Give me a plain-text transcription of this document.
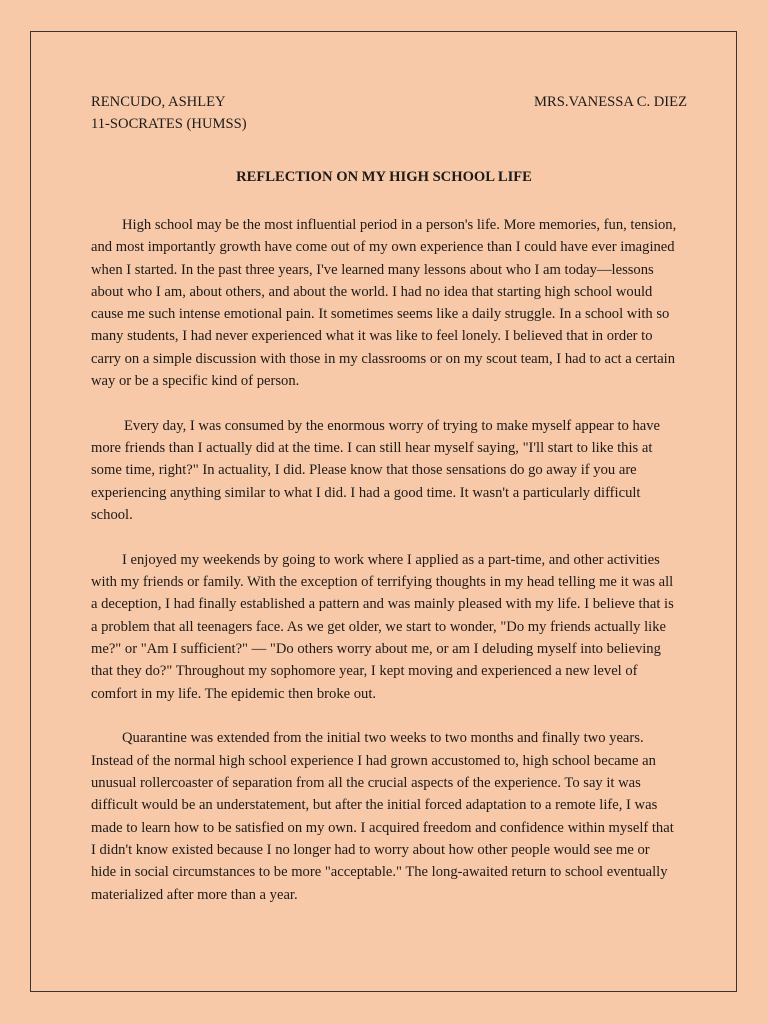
RENCUDO, ASHLEY
11-SOCRATES (HUMSS)
MRS.VANESSA C. DIEZ
REFLECTION ON MY HIGH SCHOOL LIFE

High school may be the most influential period in a person's life. More memories, fun, tension, and most importantly growth have come out of my own experience than I could have ever imagined when I started. In the past three years, I've learned many lessons about who I am today—lessons about who I am, about others, and about the world. I had no idea that starting high school would cause me such intense emotional pain. It sometimes seems like a daily struggle. In a school with so many students, I had never experienced what it was like to feel lonely. I believed that in order to carry on a simple discussion with those in my classrooms or on my scout team, I had to act a certain way or be a specific kind of person.

Every day, I was consumed by the enormous worry of trying to make myself appear to have more friends than I actually did at the time. I can still hear myself saying, "I'll start to like this at some time, right?" In actuality, I did. Please know that those sensations do go away if you are experiencing anything similar to what I did. I had a good time. It wasn't a particularly difficult school.

I enjoyed my weekends by going to work where I applied as a part-time, and other activities with my friends or family. With the exception of terrifying thoughts in my head telling me it was all a deception, I had finally established a pattern and was mainly pleased with my life. I believe that is a problem that all teenagers face. As we get older, we start to wonder, "Do my friends actually like me?" or "Am I sufficient?" — "Do others worry about me, or am I deluding myself into believing that they do?" Throughout my sophomore year, I kept moving and experienced a new level of comfort in my life. The epidemic then broke out.

Quarantine was extended from the initial two weeks to two months and finally two years. Instead of the normal high school experience I had grown accustomed to, high school became an unusual rollercoaster of separation from all the crucial aspects of the experience. To say it was difficult would be an understatement, but after the initial forced adaptation to a remote life, I was made to learn how to be satisfied on my own. I acquired freedom and confidence within myself that I didn't know existed because I no longer had to worry about how other people would see me or hide in social circumstances to be more "acceptable." The long-awaited return to school eventually materialized after more than a year.
